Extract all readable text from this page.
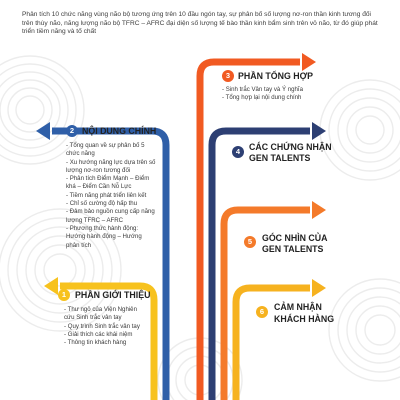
Phân tích 10 chức năng vùng não bộ tương ứng trên 10 đầu ngón tay, sự phân bố số lượng nơ-ron thần kinh tương đối trên thùy não, năng lượng não bộ TFRC – AFRC đại diện số lượng tế bào thần kinh bẩm sinh trên vỏ não, từ đó giúp phát triển tiềm năng và tố chất
3 PHẦN TỔNG HỢP
- Sinh trắc Vân tay và Ý nghĩa
- Tổng hợp lại nội dung chính
2 NỘI DUNG CHÍNH
- Tổng quan về sự phân bố 5 chức năng
- Xu hướng năng lực dựa trên số lượng nơ-ron tương đối
- Phân tích Điểm Mạnh – Điểm khá – Điểm Cần Nỗ Lực
- Tiềm năng phát triển liên kết
- Chỉ số cường độ hấp thu
- Đảm bảo nguồn cung cấp năng lượng TFRC – AFRC
- Phương thức hành động: Hướng hành động – Hướng phân tích
4	CÁC CHỨNG NHẬN
GEN TALENTS
5	GÓC NHÌN CỦA
GEN TALENTS
1	PHẦN GIỚI THIỆU
- Thư ngỏ của Viện Nghiên cứu Sinh trắc vân tay
- Quy trình Sinh trắc vân tay
- Giải thích các khái niệm
- Thông tin khách hàng
6	CẢM NHẬN
KHÁCH HÀNG
